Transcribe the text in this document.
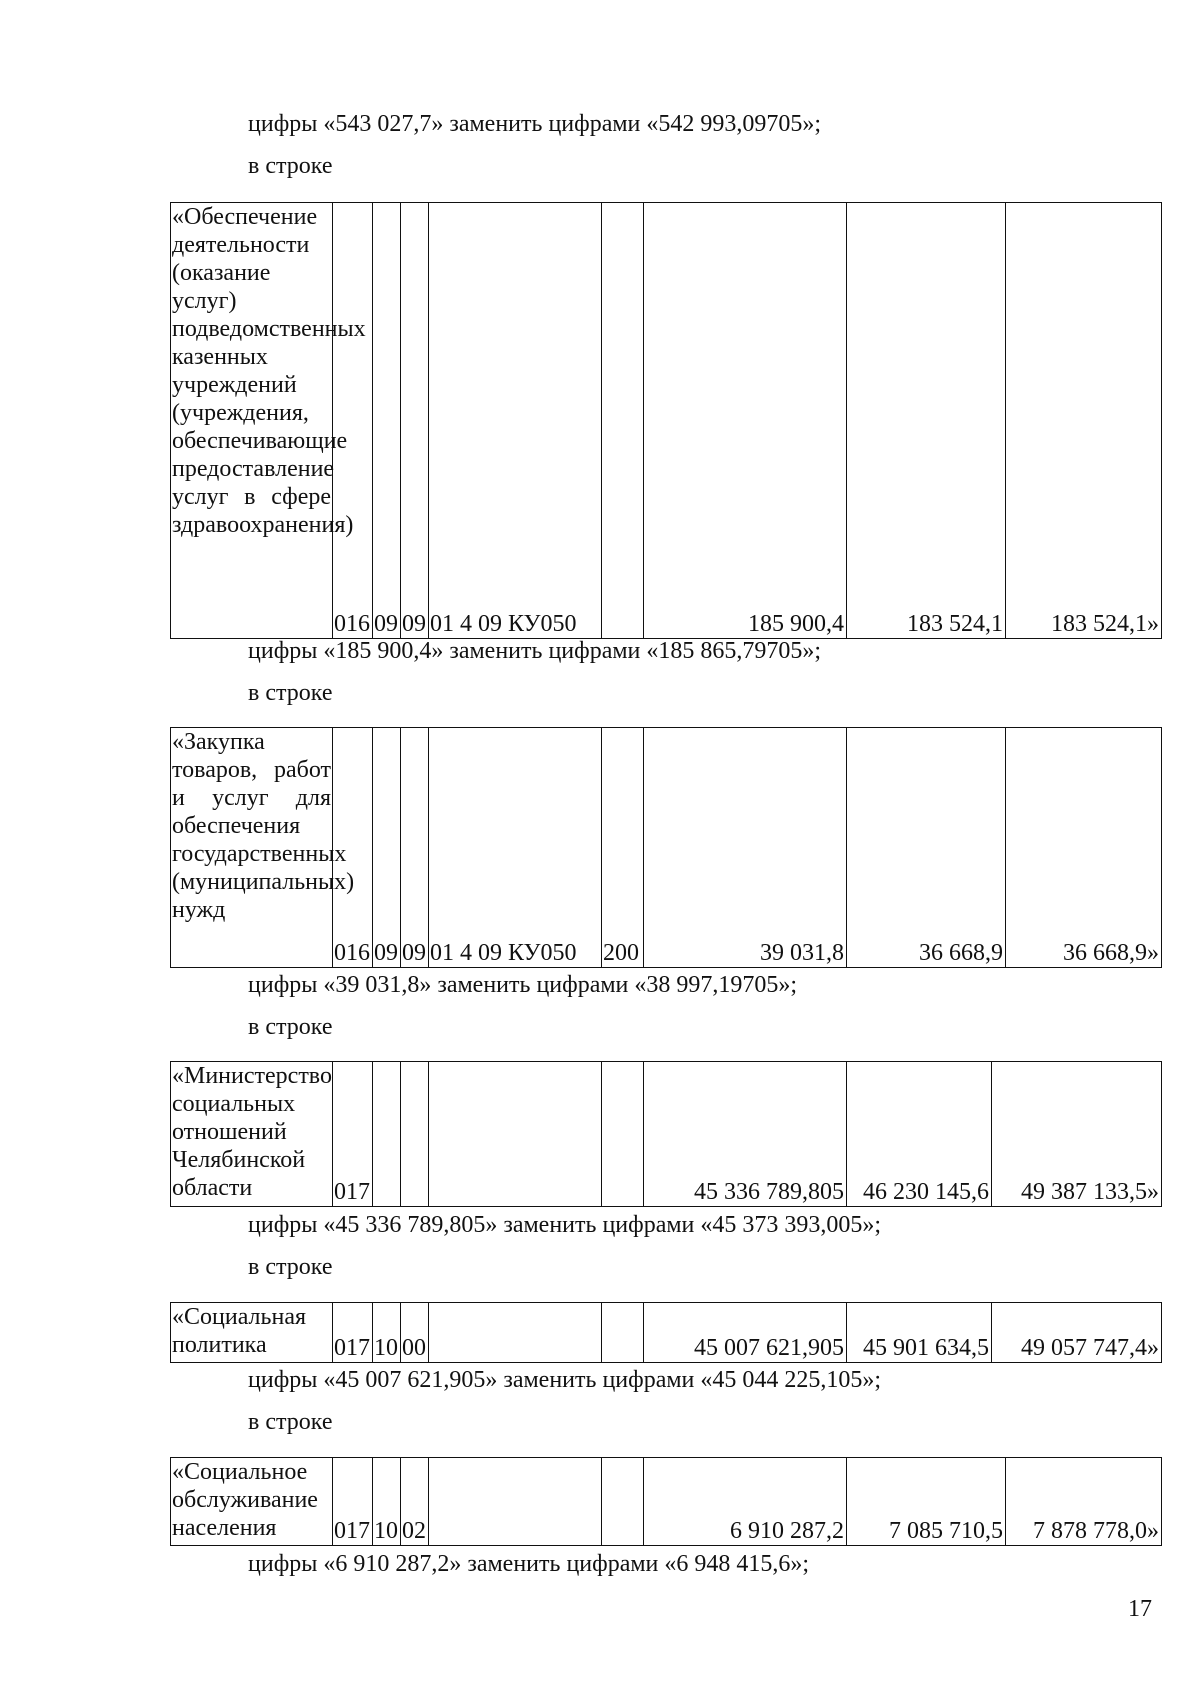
цифры «543 027,7» заменить цифрами «542 993,09705»;

в строке

«Обеспечение деятельности (оказание услуг) подведомственных казенных учреждений (учреждения, обеспечивающие предоставление услуг в сфере здравоохранения)	016	09	09	01 4 09 КУ050		185 900,4	183 524,1	183 524,1»

цифры «185 900,4» заменить цифрами «185 865,79705»;

в строке

«Закупка товаров, работ и услуг для обеспечения государственных (муниципальных) нужд	016	09	09	01 4 09 КУ050	200	39 031,8	36 668,9	36 668,9»

цифры «39 031,8» заменить цифрами «38 997,19705»;

в строке

«Министерство социальных отношений Челябинской области	017					45 336 789,805	46 230 145,6	49 387 133,5»

цифры «45 336 789,805» заменить цифрами «45 373 393,005»;

в строке

«Социальная политика	017	10	00			45 007 621,905	45 901 634,5	49 057 747,4»

цифры «45 007 621,905» заменить цифрами «45 044 225,105»;

в строке

«Социальное обслуживание населения	017	10	02			6 910 287,2	7 085 710,5	7 878 778,0»

цифры «6 910 287,2» заменить цифрами «6 948 415,6»;

17
